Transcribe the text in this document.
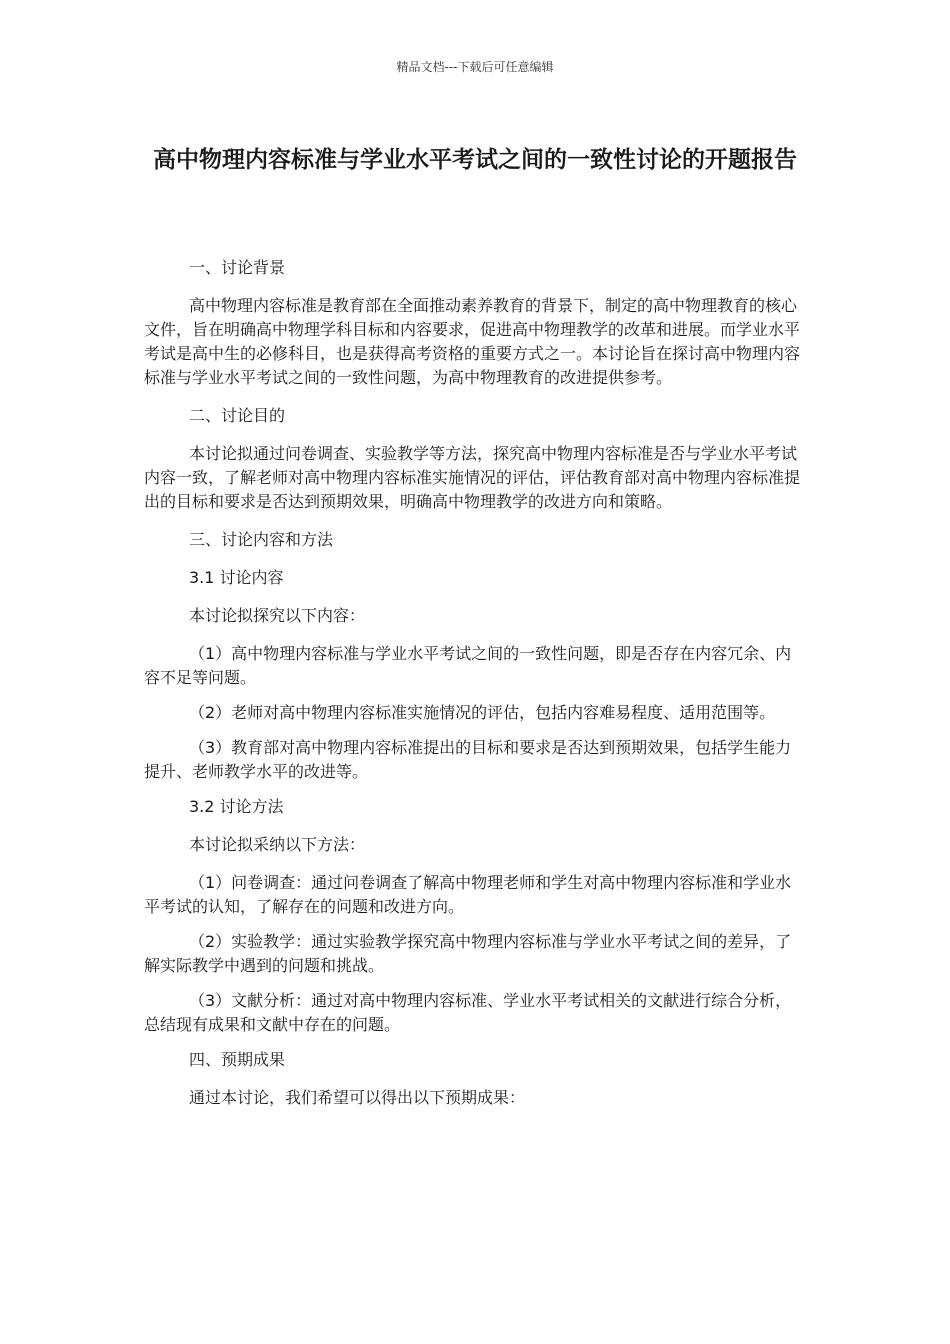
精品文档---下载后可任意编辑
高中物理内容标准与学业水平考试之间的一致性讨论的开题报告

一、讨论背景

高中物理内容标准是教育部在全面推动素养教育的背景下，制定的高中物理教育的核心文件，旨在明确高中物理学科目标和内容要求，促进高中物理教学的改革和进展。而学业水平考试是高中生的必修科目，也是获得高考资格的重要方式之一。本讨论旨在探讨高中物理内容标准与学业水平考试之间的一致性问题，为高中物理教育的改进提供参考。

二、讨论目的

本讨论拟通过问卷调查、实验教学等方法，探究高中物理内容标准是否与学业水平考试内容一致，了解老师对高中物理内容标准实施情况的评估，评估教育部对高中物理内容标准提出的目标和要求是否达到预期效果，明确高中物理教学的改进方向和策略。

三、讨论内容和方法

3.1 讨论内容

本讨论拟探究以下内容：

（1）高中物理内容标准与学业水平考试之间的一致性问题，即是否存在内容冗余、内容不足等问题。

（2）老师对高中物理内容标准实施情况的评估，包括内容难易程度、适用范围等。

（3）教育部对高中物理内容标准提出的目标和要求是否达到预期效果，包括学生能力提升、老师教学水平的改进等。

3.2 讨论方法

本讨论拟采纳以下方法：

（1）问卷调查：通过问卷调查了解高中物理老师和学生对高中物理内容标准和学业水平考试的认知，了解存在的问题和改进方向。

（2）实验教学：通过实验教学探究高中物理内容标准与学业水平考试之间的差异，了解实际教学中遇到的问题和挑战。

（3）文献分析：通过对高中物理内容标准、学业水平考试相关的文献进行综合分析，总结现有成果和文献中存在的问题。

四、预期成果

通过本讨论，我们希望可以得出以下预期成果：
